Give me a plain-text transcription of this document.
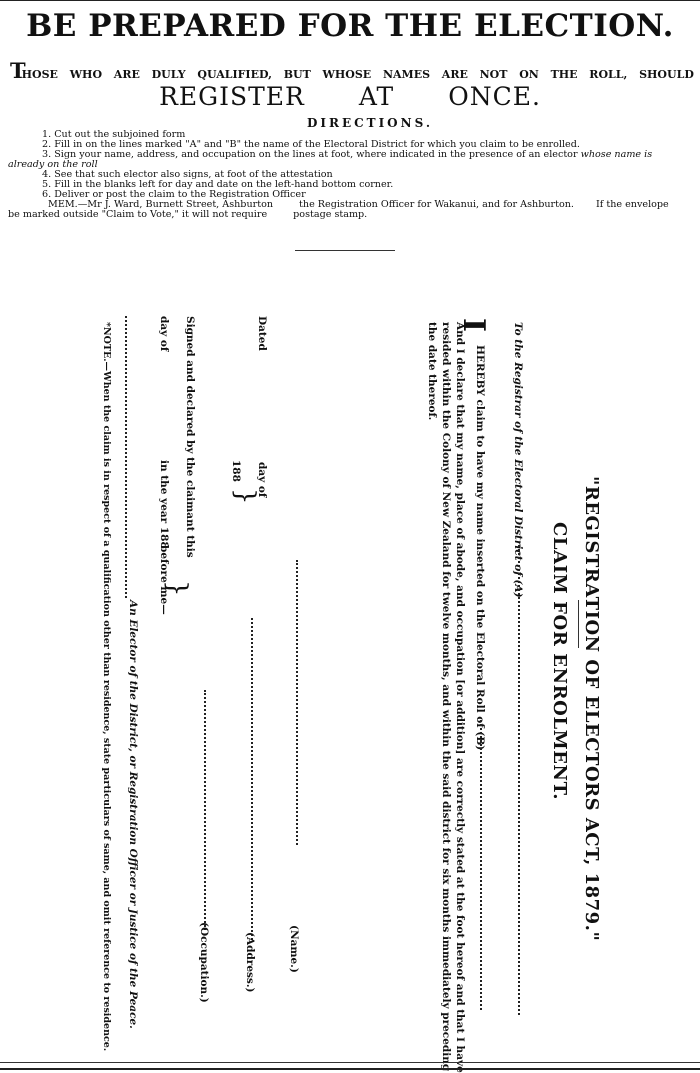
BE PREPARED FOR THE ELECTION.
THOSE WHO ARE DULY QUALIFIED, BUT WHOSE NAMES ARE NOT ON THE ROLL, SHOULD
REGISTER AT ONCE.
DIRECTIONS.
1. Cut out the subjoined form
2. Fill in on the lines marked "A" and "B" the name of the Electoral District for which you claim to be enrolled.
3. Sign your name, address, and occupation on the lines at foot, where indicated in the presence of an elector whose name is
already on the roll
4. See that such elector also signs, at foot of the attestation
5. Fill in the blanks left for day and date on the left-hand bottom corner.
6. Deliver or post the claim to the Registration Officer
MEM.—Mr J. Ward, Burnett Street, Ashburton	the Registration Officer for Wakanui, and for Ashburton. If the envelope
be marked outside "Claim to Vote," it will not require	postage stamp.
"REGISTRATION OF ELECTORS ACT, 1879."
CLAIM FOR ENROLMENT.
To the Registrar of the Electoral District of (A)
I
HEREBY claim to have my name inserted on the Electoral Roll of (B)
And I declare that my name, place of abode, and occupation [or addition] are correctly stated at the foot hereof and that I have
resided within the Colony of New Zealand for twelve months, and within the said district for six months immediately preceding
the date thereof.
(Name.)
Dated
day of
188
}
(Address.)
(Occupation.)
Signed and declared by the claimant this
day of
in the year 188
before me—
}
An Elector of the District, or Registration Officer or Justice of the Peace.
*NOTE.—When the claim is in respect of a qualification other than residence, state particulars of same, and omit reference to residence.
